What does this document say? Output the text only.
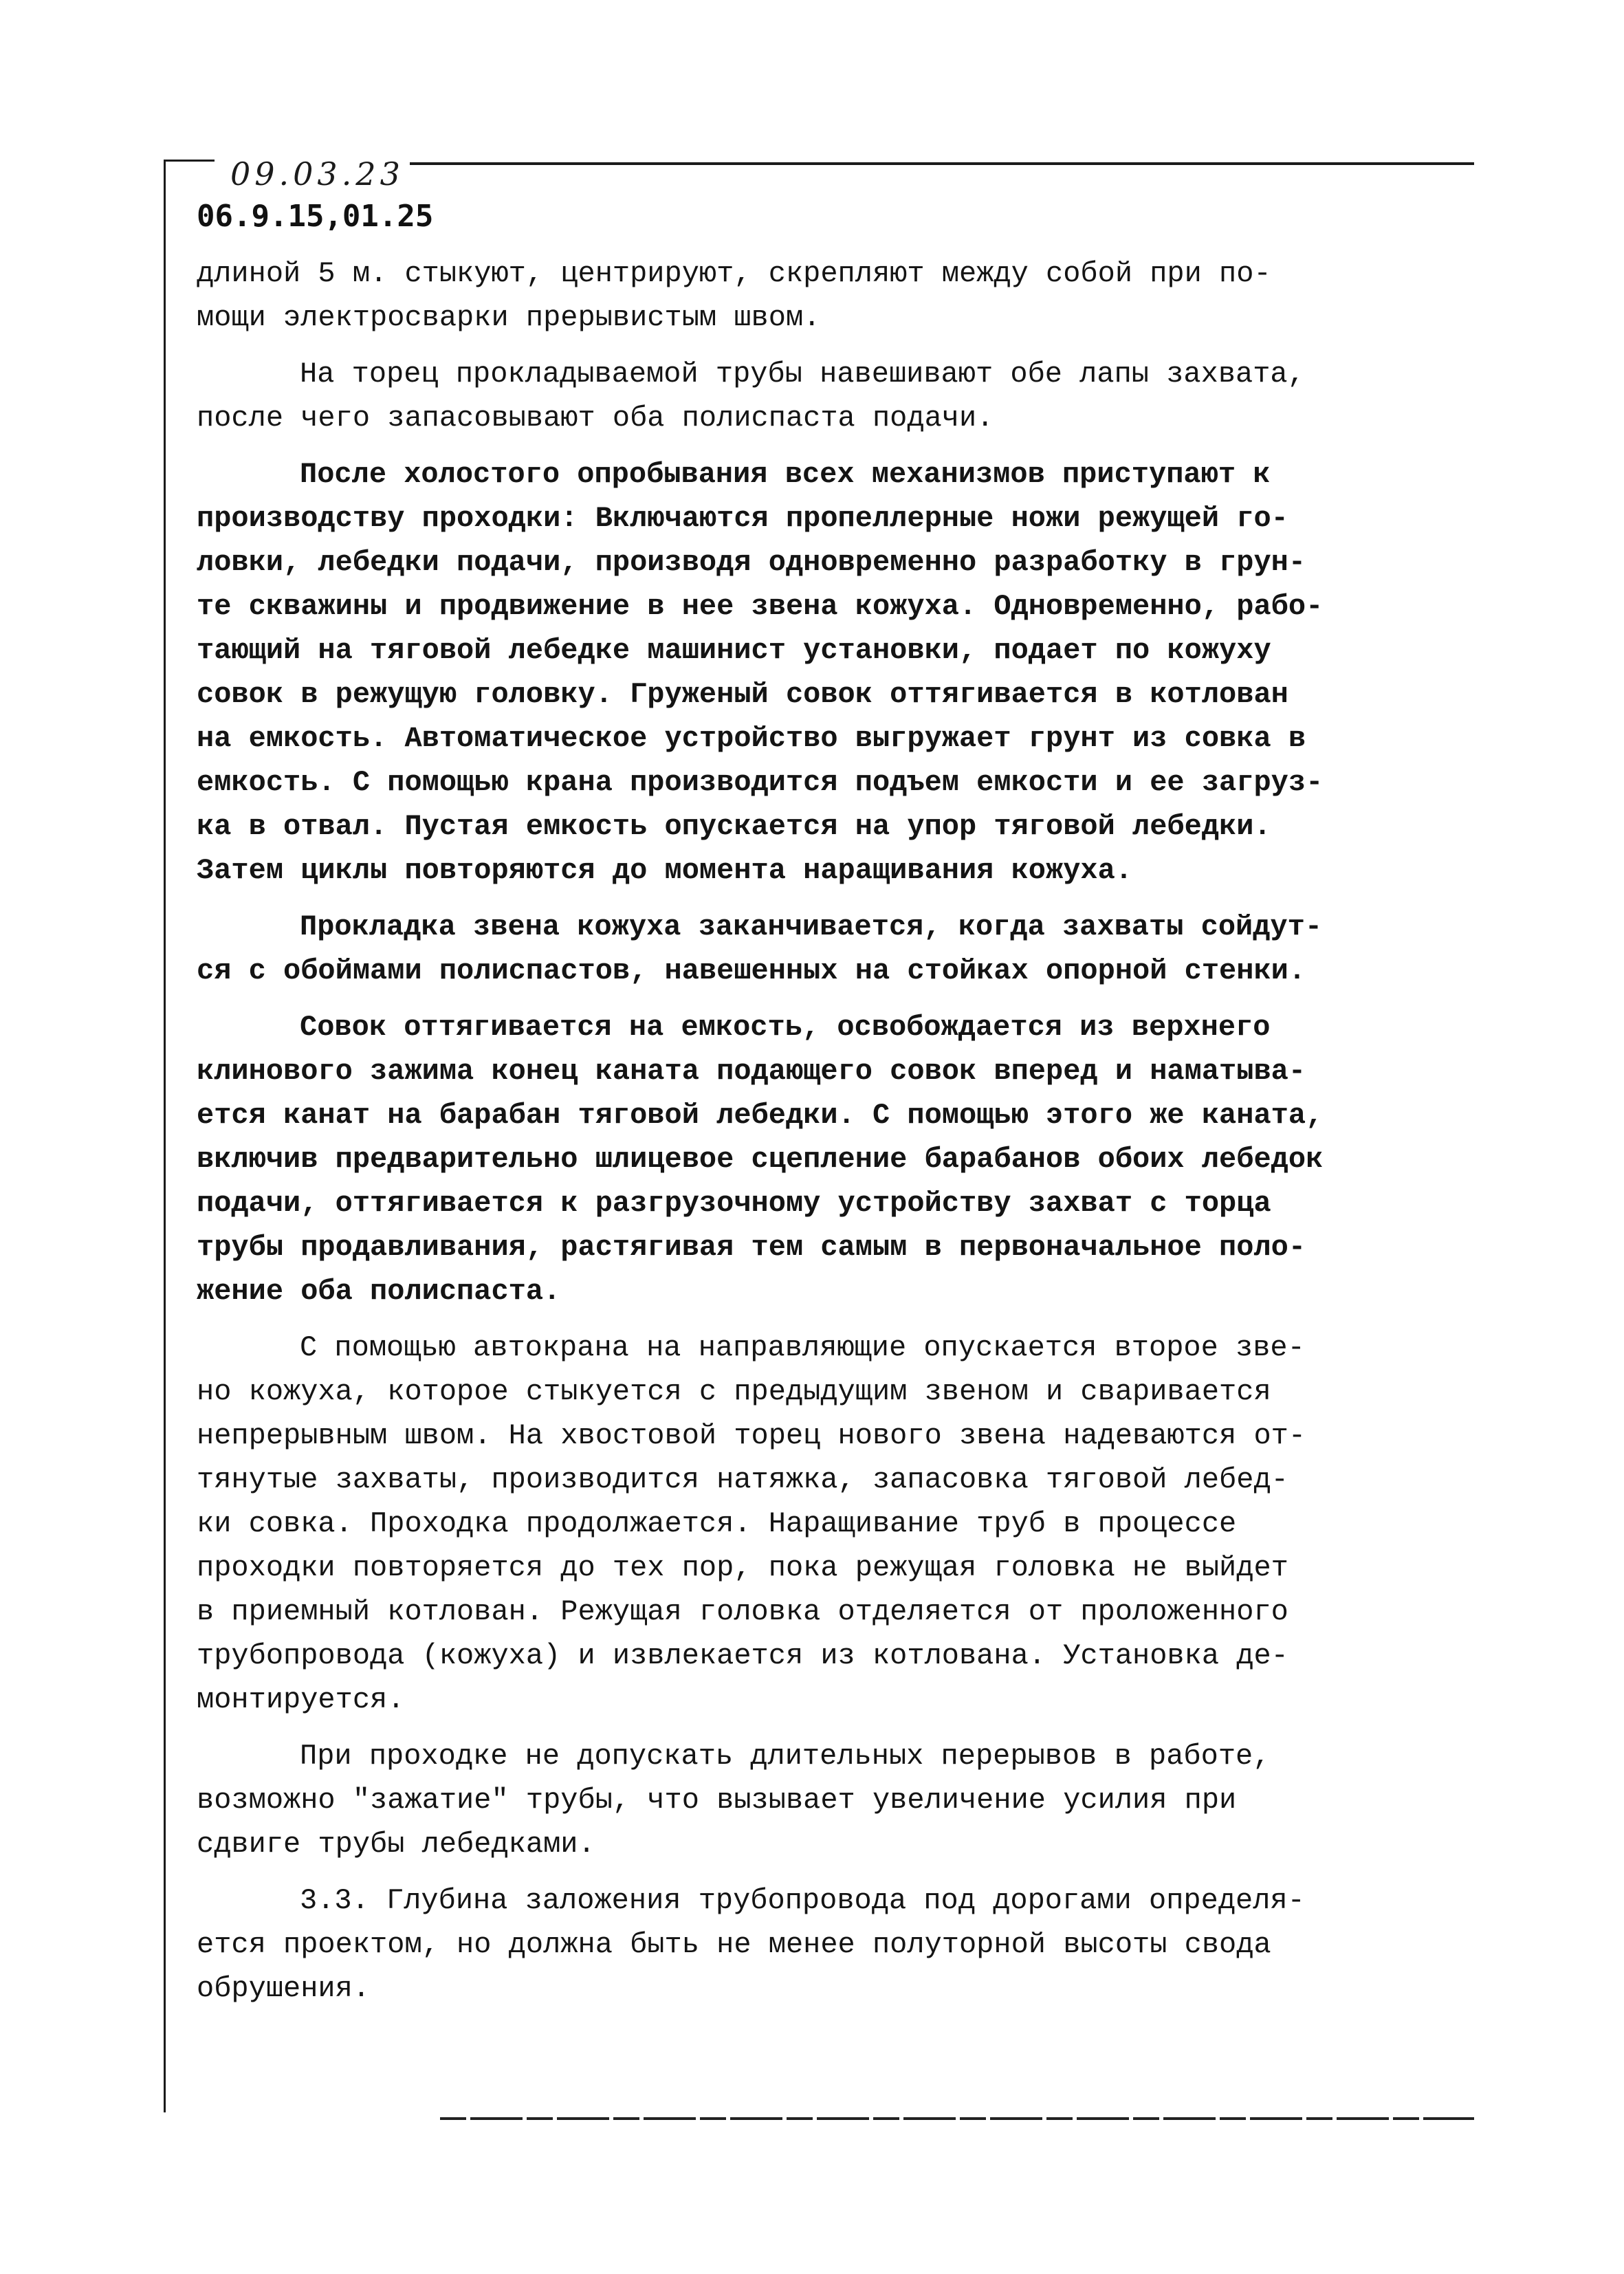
09.03.23
06.9.15,01.25
длиной 5 м. стыкуют, центрируют, скрепляют между собой при по-
мощи электросварки прерывистым швом.
На торец прокладываемой трубы навешивают обе лапы захвата,
после чего запасовывают оба полиспаста подачи.
После холостого опробывания всех механизмов приступают к
производству проходки: Включаются пропеллерные ножи режущей го-
ловки, лебедки подачи, производя одновременно разработку в грун-
те скважины и продвижение в нее звена кожуха. Одновременно, рабо-
тающий на тяговой лебедке машинист установки, подает по кожуху
совок в режущую головку. Груженый совок оттягивается в котлован
на емкость. Автоматическое устройство выгружает грунт из совка в
емкость. С помощью крана производится подъем емкости и ее загруз-
ка в отвал. Пустая емкость опускается на упор тяговой лебедки.
Затем циклы повторяются до момента наращивания кожуха.
Прокладка звена кожуха заканчивается, когда захваты сойдут-
ся с обоймами полиспастов, навешенных на стойках опорной стенки.
Совок оттягивается на емкость, освобождается из верхнего
клинового зажима конец каната подающего совок вперед и наматыва-
ется канат на барабан тяговой лебедки. С помощью этого же каната,
включив предварительно шлицевое сцепление барабанов обоих лебедок
подачи, оттягивается к разгрузочному устройству захват с торца
трубы продавливания, растягивая тем самым в первоначальное поло-
жение оба полиспаста.
С помощью автокрана на направляющие опускается второе зве-
но кожуха, которое стыкуется с предыдущим звеном и сваривается
непрерывным швом. На хвостовой торец нового звена надеваются от-
тянутые захваты, производится натяжка, запасовка тяговой лебед-
ки совка. Проходка продолжается. Наращивание труб в процессе
проходки повторяется до тех пор, пока режущая головка не выйдет
в приемный котлован. Режущая головка отделяется от проложенного
трубопровода (кожуха) и извлекается из котлована. Установка де-
монтируется.
При проходке не допускать длительных перерывов в работе,
возможно "зажатие" трубы, что вызывает увеличение усилия при
сдвиге трубы лебедками.
3.3. Глубина заложения трубопровода под дорогами определя-
ется проектом, но должна быть не менее полуторной высоты свода
обрушения.
